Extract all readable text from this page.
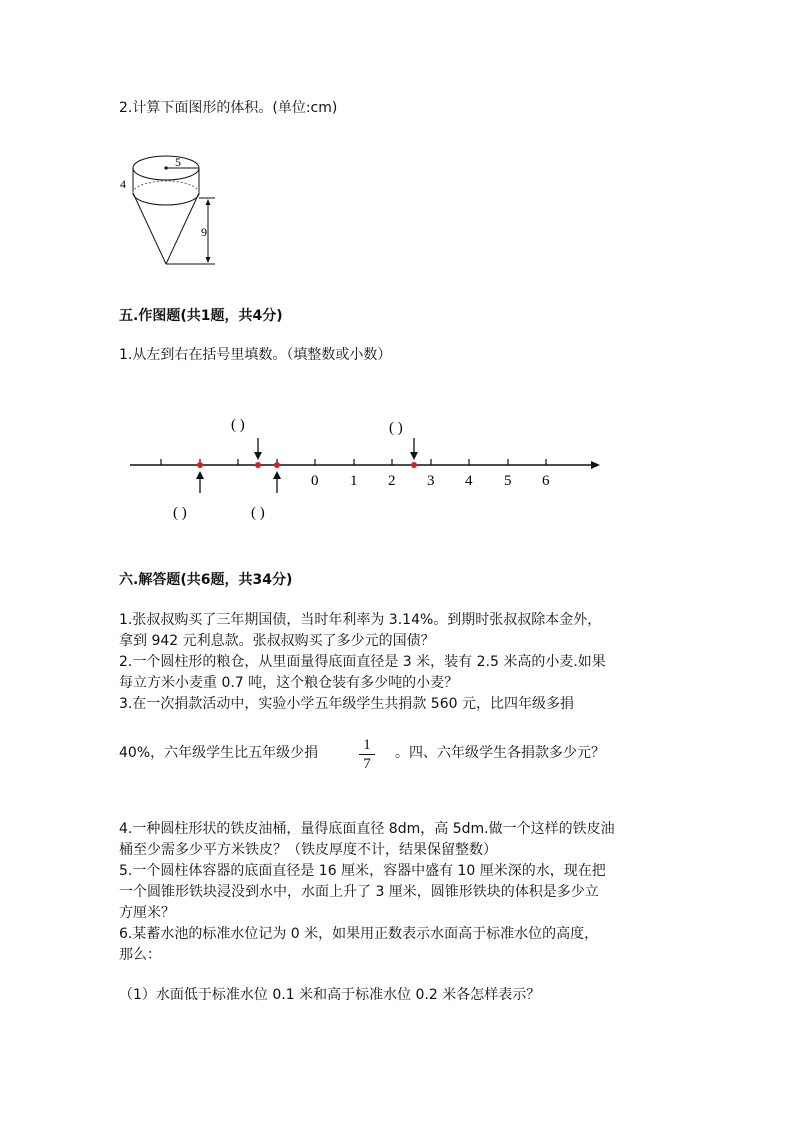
2.计算下面图形的体积。(单位:cm)
5
4
9
五.作图题(共1题，共4分)
1.从左到右在括号里填数。（填整数或小数）
0 1 2 3 4 5 6
( )	( )
( )	( )
六.解答题(共6题，共34分)
1.张叔叔购买了三年期国债，当时年利率为 3.14%。到期时张叔叔除本金外，
拿到 942 元利息款。张叔叔购买了多少元的国债？
2.一个圆柱形的粮仓，从里面量得底面直径是 3 米，装有 2.5 米高的小麦.如果
每立方米小麦重 0.7 吨，这个粮仓装有多少吨的小麦？
3.在一次捐款活动中，实验小学五年级学生共捐款 560 元，比四年级多捐
40%，六年级学生比五年级少捐	1
7
。四、六年级学生各捐款多少元？
4.一种圆柱形状的铁皮油桶，量得底面直径 8dm，高 5dm.做一个这样的铁皮油
桶至少需多少平方米铁皮？（铁皮厚度不计，结果保留整数）
5.一个圆柱体容器的底面直径是 16 厘米，容器中盛有 10 厘米深的水，现在把
一个圆锥形铁块浸没到水中，水面上升了 3 厘米，圆锥形铁块的体积是多少立
方厘米？
6.某蓄水池的标准水位记为 0 米，如果用正数表示水面高于标准水位的高度，
那么：
（1）水面低于标准水位 0.1 米和高于标准水位 0.2 米各怎样表示？
